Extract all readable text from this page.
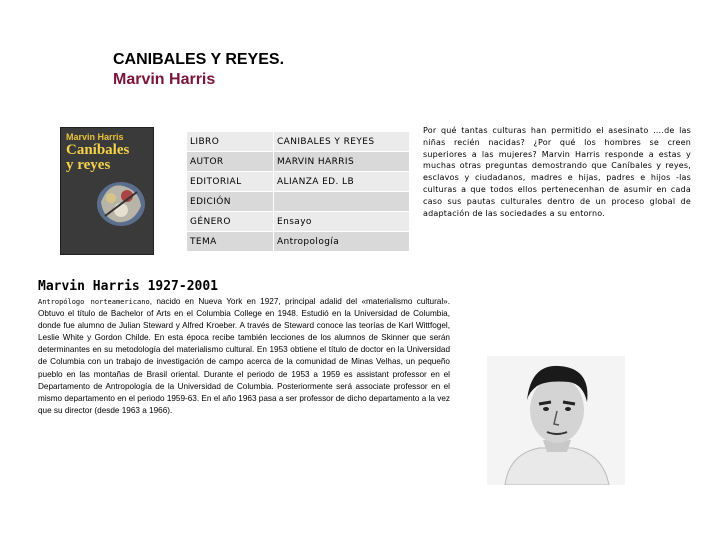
CANIBALES Y REYES.
Marvin Harris
Marvin Harris
Caníbales
y reyes
LIBRO	CANIBALES Y REYES
AUTOR	MARVIN HARRIS
EDITORIAL	ALIANZA ED. LB
EDICIÓN	
GÉNERO	Ensayo
TEMA	Antropología
Por qué tantas culturas han permitido el asesinato ….de las niñas recién nacidas? ¿Por qué los hombres se creen superiores a las mujeres? Marvin Harris responde a estas y muchas otras preguntas demostrando que Caníbales y reyes, esclavos y ciudadanos, madres e hijas, padres e hijos -las culturas a que todos ellos pertenecenhan de asumir en cada caso sus pautas culturales dentro de un proceso global de adaptación de las sociedades a su entorno.
Marvin Harris 1927-2001
Antropólogo norteamericano, nacido en Nueva York en 1927, principal adalid del «materialismo cultural». Obtuvo el título de Bachelor of Arts en el Columbia College en 1948. Estudió en la Universidad de Columbia, donde fue alumno de Julian Steward y Alfred Kroeber. A través de Steward conoce las teorías de Karl Wittfogel, Leslie White y Gordon Childe. En esta época recibe también lecciones de los alumnos de Skinner que serán determinantes en su metodología del materialismo cultural. En 1953 obtiene el título de doctor en la Universidad de Columbia con un trabajo de investigación de campo acerca de la comunidad de Minas Velhas, un pequeño pueblo en las montañas de Brasil oriental. Durante el periodo de 1953 a 1959 es assistant professor en el Departamento de Antropología de la Universidad de Columbia. Posteriormente será associate professor en el mismo departamento en el periodo 1959-63. En el año 1963 pasa a ser professor de dicho departamento a la vez que su director (desde 1963 a 1966).
